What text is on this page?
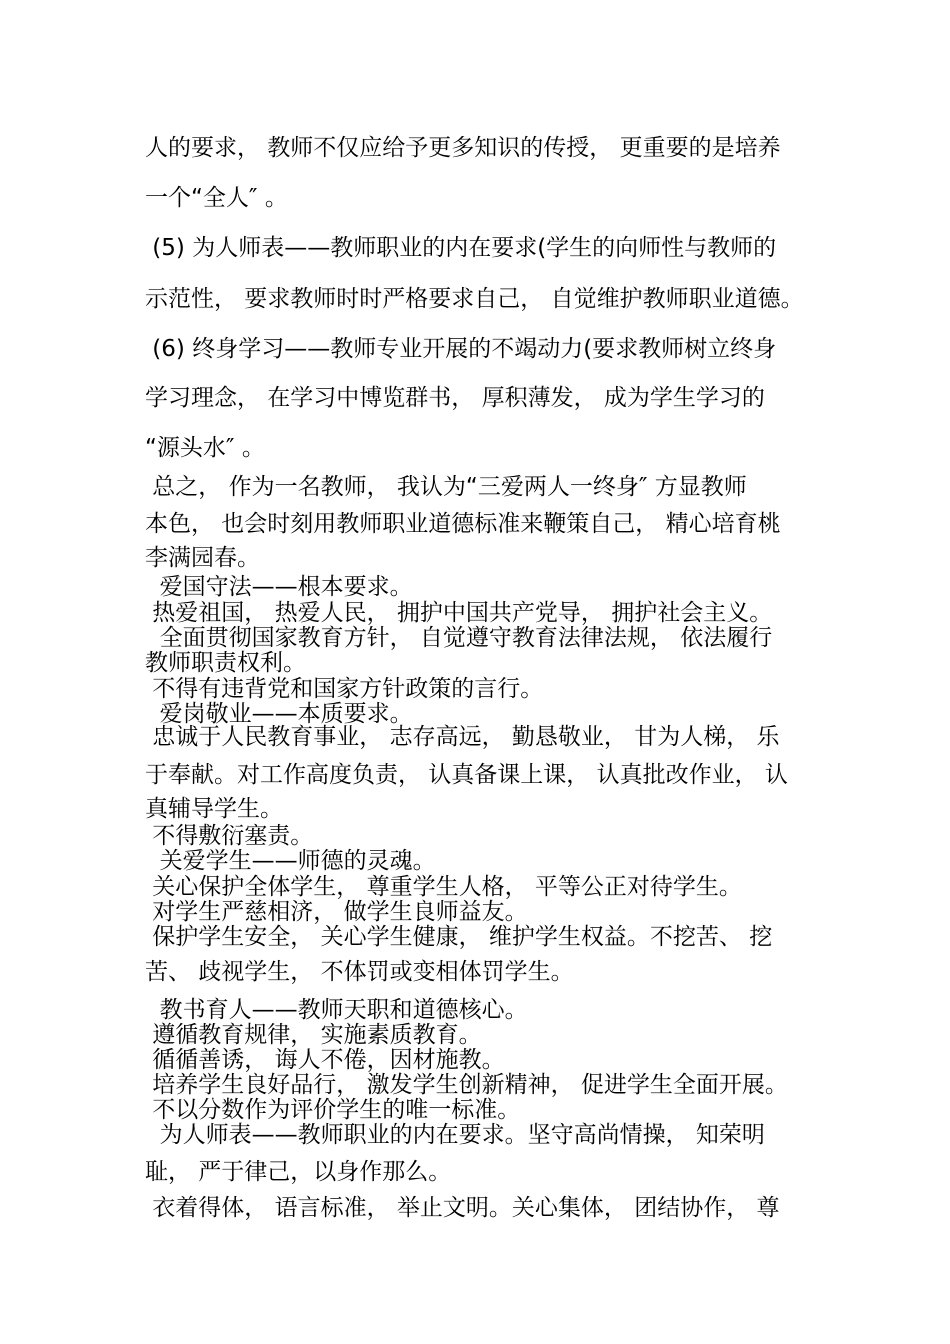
人的要求， 教师不仅应给予更多知识的传授， 更重要的是培养
一个“全人″ 。
(5) 为人师表——教师职业的内在要求(学生的向师性与教师的
示范性， 要求教师时时严格要求自己， 自觉维护教师职业道德。
(6) 终身学习——教师专业开展的不竭动力(要求教师树立终身
学习理念， 在学习中博览群书， 厚积薄发， 成为学生学习的
“源头水″ 。
总之， 作为一名教师， 我认为“三爱两人一终身″ 方显教师
本色， 也会时刻用教师职业道德标准来鞭策自己， 精心培育桃
李满园春。
爱国守法——根本要求。
热爱祖国， 热爱人民， 拥护中国共产党导， 拥护社会主义。
全面贯彻国家教育方针， 自觉遵守教育法律法规， 依法履行
教师职责权利。
不得有违背党和国家方针政策的言行。
爱岗敬业——本质要求。
忠诚于人民教育事业， 志存高远， 勤恳敬业， 甘为人梯， 乐
于奉献。对工作高度负责， 认真备课上课， 认真批改作业， 认
真辅导学生。
不得敷衍塞责。
关爱学生——师德的灵魂。
关心保护全体学生， 尊重学生人格， 平等公正对待学生。
对学生严慈相济， 做学生良师益友。
保护学生安全， 关心学生健康， 维护学生权益。不挖苦、 挖
苦、 歧视学生， 不体罚或变相体罚学生。
教书育人——教师天职和道德核心。
遵循教育规律， 实施素质教育。
循循善诱， 诲人不倦，因材施教。
培养学生良好品行， 激发学生创新精神， 促进学生全面开展。
不以分数作为评价学生的唯一标准。
为人师表——教师职业的内在要求。坚守高尚情操， 知荣明
耻， 严于律己，以身作那么。
衣着得体， 语言标准， 举止文明。关心集体， 团结协作， 尊
